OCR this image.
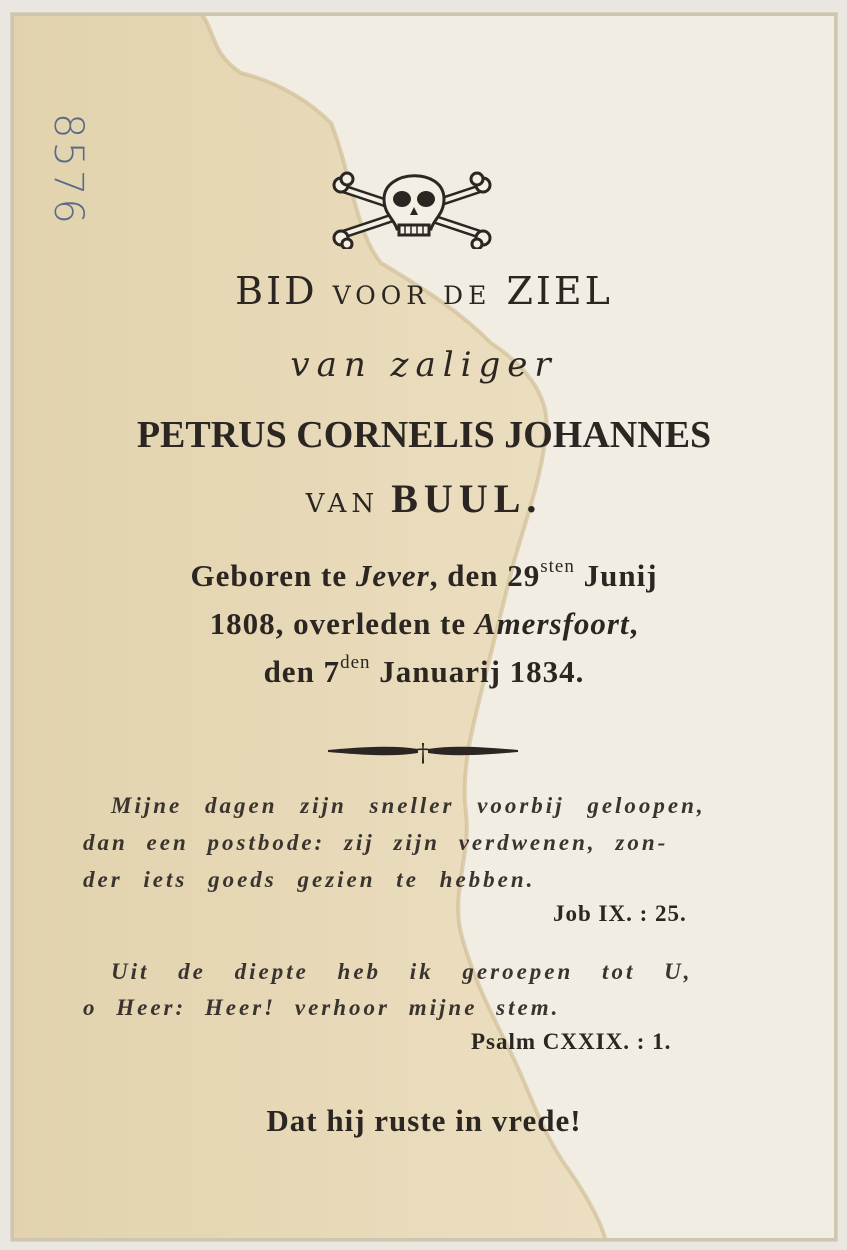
8576
BID VOOR DE ZIEL
van zaliger
PETRUS CORNELIS JOHANNES
VAN BUUL.
Geboren te Jever, den $29^{sten}$ Junij
1808, overleden te Amersfoort,
den $7^{den}$ Januarij 1834.
†
Mijne dagen zijn sneller voorbij geloopen,
dan een postbode: zij zijn verdwenen, zon-
der iets goeds gezien te hebben.
Job IX. : 25.
Uit de diepte heb ik geroepen tot U,
o Heer: Heer! verhoor mijne stem.
Psalm CXXIX. : 1.
Dat hij ruste in vrede!
